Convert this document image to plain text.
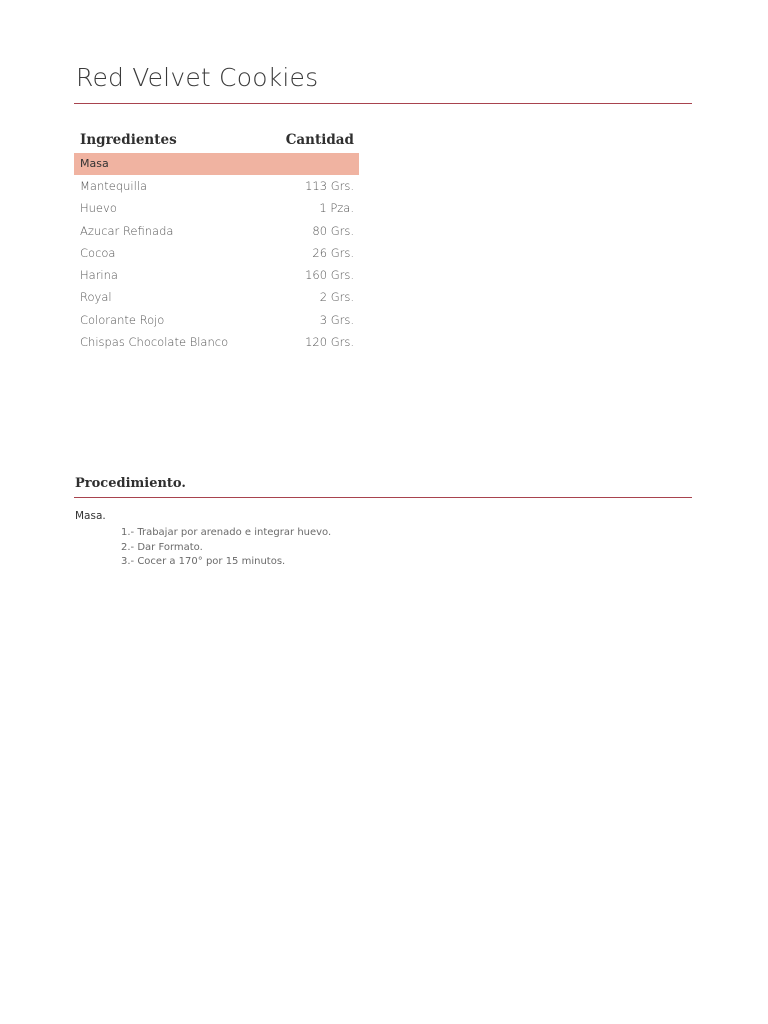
Red Velvet Cookies
Ingredientes	Cantidad
Masa
Mantequilla	113 Grs.
Huevo	1 Pza.
Azucar Refinada	80 Grs.
Cocoa	26 Grs.
Harina	160 Grs.
Royal	2 Grs.
Colorante Rojo	3 Grs.
Chispas Chocolate Blanco	120 Grs.
Procedimiento.
Masa.
1.- Trabajar por arenado e integrar huevo.
2.- Dar Formato.
3.- Cocer a 170° por 15 minutos.
